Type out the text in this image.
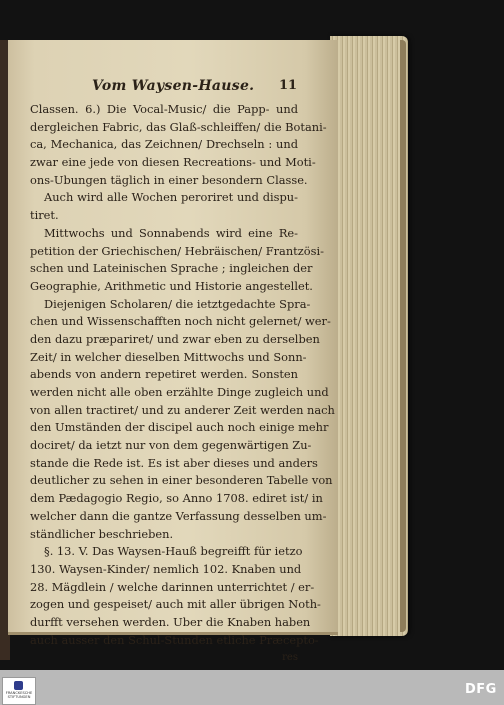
Vom Waysen-Hause. 11
Classen. 6.) Die Vocal-Music/ die Papp- und
dergleichen Fabric, das Glaß-schleiffen/ die Botani-
ca, Mechanica, das Zeichnen/ Drechseln : und
zwar eine jede von diesen Recreations- und Moti-
ons-Ubungen täglich in einer besondern Classe.
Auch wird alle Wochen peroriret und dispu-
tiret.
Mittwochs und Sonnabends wird eine Re-
petition der Griechischen/ Hebräischen/ Frantzösi-
schen und Lateinischen Sprache ; ingleichen der
Geographie, Arithmetic und Historie angestellet.
Diejenigen Scholaren/ die ietztgedachte Spra-
chen und Wissenschafften noch nicht gelernet/ wer-
den dazu præpariret/ und zwar eben zu derselben
Zeit/ in welcher dieselben Mittwochs und Sonn-
abends von andern repetiret werden. Sonsten
werden nicht alle oben erzählte Dinge zugleich und
von allen tractiret/ und zu anderer Zeit werden nach
den Umständen der discipel auch noch einige mehr
dociret/ da ietzt nur von dem gegenwärtigen Zu-
stande die Rede ist. Es ist aber dieses und anders
deutlicher zu sehen in einer besonderen Tabelle von
dem Pædagogio Regio, so Anno 1708. ediret ist/ in
welcher dann die gantze Verfassung desselben um-
ständlicher beschrieben.
§. 13. V. Das Waysen-Hauß begreifft für ietzo
130. Waysen-Kinder/ nemlich 102. Knaben und
28. Mägdlein / welche darinnen unterrichtet / er-
zogen und gespeiset/ auch mit aller übrigen Noth-
durfft versehen werden. Uber die Knaben haben
auch ausser den Schul-Stunden etliche Præcepto-
res
FRANCKESCHE STIFTUNGEN
DFG
